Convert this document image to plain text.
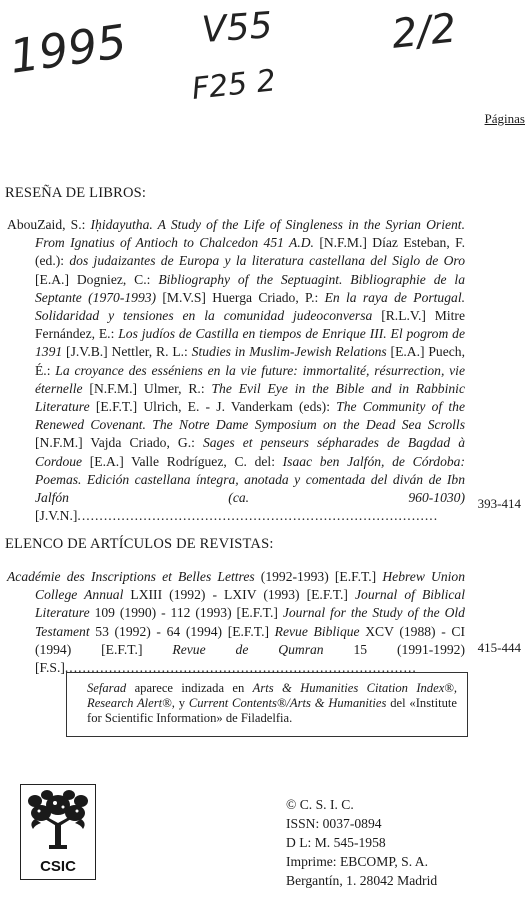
1995 V55
F25 2
2/2
Páginas
RESEÑA DE LIBROS:
AbouZaid, S.: Iḥidayutha. A Study of the Life of Singleness in the Syrian Orient. From Ignatius of Antioch to Chalcedon 451 A.D. [N.F.M.] Díaz Esteban, F. (ed.): dos judaizantes de Europa y la literatura castellana del Siglo de Oro [E.A.] Dogniez, C.: Bibliography of the Septuagint. Bibliographie de la Septante (1970-1993) [M.V.S] Huerga Criado, P.: En la raya de Portugal. Solidaridad y tensiones en la comunidad judeoconversa [R.L.V.] Mitre Fernández, E.: Los judíos de Castilla en tiempos de Enrique III. El pogrom de 1391 [J.V.B.] Nettler, R. L.: Studies in Muslim-Jewish Relations [E.A.] Puech, É.: La croyance des esséniens en la vie future: immortalité, résurrection, vie éternelle [N.F.M.] Ulmer, R.: The Evil Eye in the Bible and in Rabbinic Literature [E.F.T.] Ulrich, E. - J. Vanderkam (eds): The Community of the Renewed Covenant. The Notre Dame Symposium on the Dead Sea Scrolls [N.F.M.] Vajda Criado, G.: Sages et penseurs sépharades de Bagdad à Cordoue [E.A.] Valle Rodríguez, C. del: Isaac ben Jalfón, de Córdoba: Poemas. Edición castellana íntegra, anotada y comentada del diván de Ibn Jalfón (ca. 960-1030) [J.V.N.]..................................................................................
393-414
ELENCO DE ARTÍCULOS DE REVISTAS:
Académie des Inscriptions et Belles Lettres (1992-1993) [E.F.T.] Hebrew Union College Annual LXIII (1992) - LXIV (1993) [E.F.T.] Journal of Biblical Literature 109 (1990) - 112 (1993) [E.F.T.] Journal for the Study of the Old Testament 53 (1992) - 64 (1994) [E.F.T.] Revue Biblique XCV (1988) - CI (1994) [E.F.T.] Revue de Qumran 15 (1991-1992) [F.S.]................................................................................
415-444
Sefarad aparece indizada en Arts & Humanities Citation Index®, Research Alert®, y Current Contents®/Arts & Humanities del «Institute for Scientific Information» de Filadelfia.
CSIC
© C. S. I. C.
ISSN: 0037-0894
D L: M. 545-1958
Imprime: EBCOMP, S. A.
Bergantín, 1. 28042 Madrid
